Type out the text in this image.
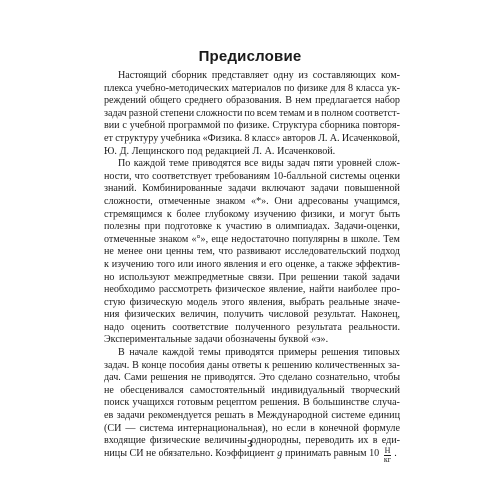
Предисловие
Настоящий сборник представляет одну из составляющих ком-
плекса учебно-методических материалов по физике для 8 класса ук-
реждений общего среднего образования. В нем предлагается набор
задач разной степени сложности по всем темам и в полном соответст-
вии с учебной программой по физике. Структура сборника повторя-
ет структуру учебника «Физика. 8 класс» авторов Л. А. Исаченковой,
Ю. Д. Лещинского под редакцией Л. А. Исаченковой.
По каждой теме приводятся все виды задач пяти уровней слож-
ности, что соответствует требованиям 10-балльной системы оценки
знаний. Комбинированные задачи включают задачи повышенной
сложности, отмеченные знаком «*». Они адресованы учащимся,
стремящимся к более глубокому изучению физики, и могут быть
полезны при подготовке к участию в олимпиадах. Задачи-оценки,
отмеченные знаком «°», еще недостаточно популярны в школе. Тем
не менее они ценны тем, что развивают исследовательский подход
к изучению того или иного явления и его оценке, а также эффектив-
но используют межпредметные связи. При решении такой задачи
необходимо рассмотреть физическое явление, найти наиболее про-
стую физическую модель этого явления, выбрать реальные значе-
ния физических величин, получить числовой результат. Наконец,
надо оценить соответствие полученного результата реальности.
Экспериментальные задачи обозначены буквой «э».
В начале каждой темы приводятся примеры решения типовых
задач. В конце пособия даны ответы к решению количественных за-
дач. Сами решения не приводятся. Это сделано сознательно, чтобы
не обесценивался самостоятельный индивидуальный творческий
поиск учащихся готовым рецептом решения. В большинстве случа-
ев задачи рекомендуется решать в Международной системе единиц
(СИ — система интернациональная), но если в конечной формуле
входящие физические величины однородны, переводить их в еди-
ницы СИ не обязательно. Коэффициент g принимать равным $10 \frac{Н}{кг}$ .
3
